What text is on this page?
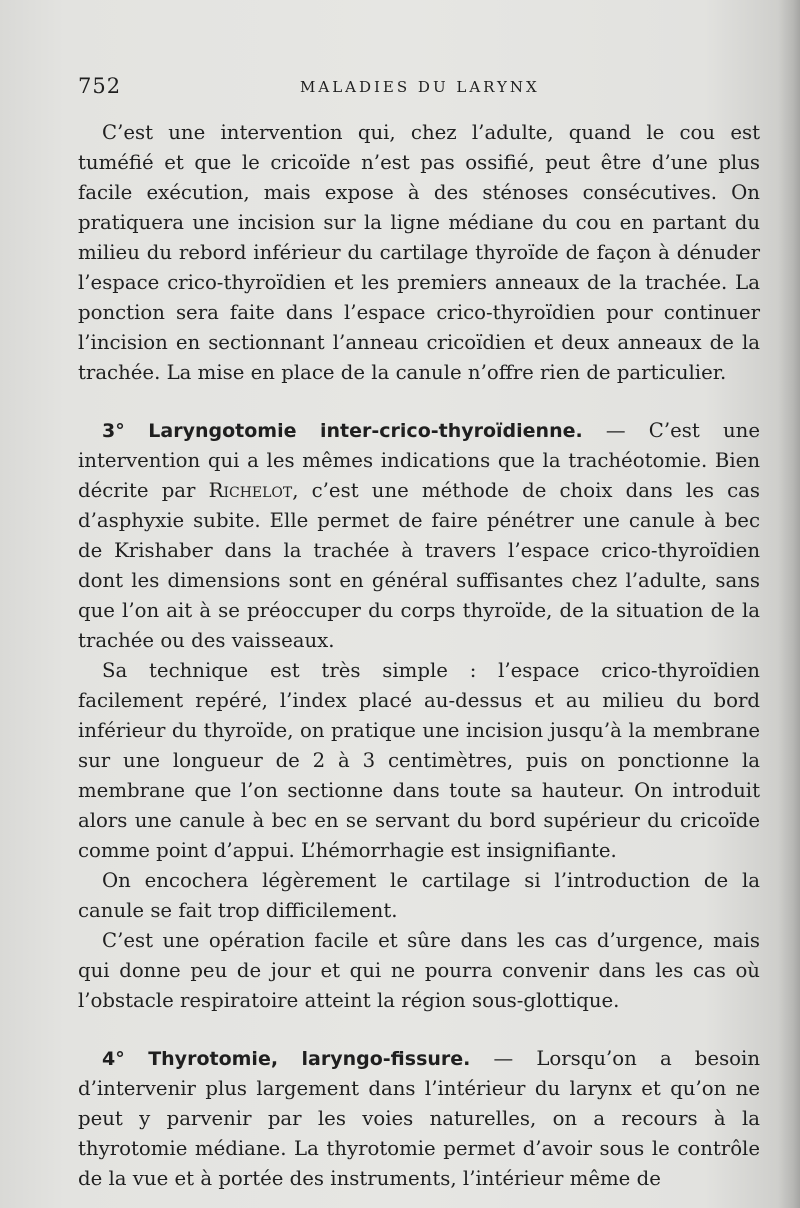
752	MALADIES DU LARYNX

C’est une intervention qui, chez l’adulte, quand le cou est tuméfié et que le cricoïde n’est pas ossifié, peut être d’une plus facile exécution, mais expose à des sténoses consécutives. On pratiquera une incision sur la ligne médiane du cou en partant du milieu du rebord inférieur du cartilage thyroïde de façon à dénuder l’espace crico-thyroïdien et les premiers anneaux de la trachée. La ponction sera faite dans l’espace crico-thyroïdien pour continuer l’incision en sectionnant l’anneau cricoïdien et deux anneaux de la trachée. La mise en place de la canule n’offre rien de particulier.

3° Laryngotomie inter-crico-thyroïdienne. — C’est une intervention qui a les mêmes indications que la trachéotomie. Bien décrite par Richelot, c’est une méthode de choix dans les cas d’asphyxie subite. Elle permet de faire pénétrer une canule à bec de Krishaber dans la trachée à travers l’espace crico-thyroïdien dont les dimensions sont en général suffisantes chez l’adulte, sans que l’on ait à se préoccuper du corps thyroïde, de la situation de la trachée ou des vaisseaux.

Sa technique est très simple : l’espace crico-thyroïdien facilement repéré, l’index placé au-dessus et au milieu du bord inférieur du thyroïde, on pratique une incision jusqu’à la membrane sur une longueur de 2 à 3 centimètres, puis on ponctionne la membrane que l’on sectionne dans toute sa hauteur. On introduit alors une canule à bec en se servant du bord supérieur du cricoïde comme point d’appui. L’hémorrhagie est insignifiante.

On encochera légèrement le cartilage si l’introduction de la canule se fait trop difficilement.

C’est une opération facile et sûre dans les cas d’urgence, mais qui donne peu de jour et qui ne pourra convenir dans les cas où l’obstacle respiratoire atteint la région sous-glottique.

4° Thyrotomie, laryngo-fissure. — Lorsqu’on a besoin d’intervenir plus largement dans l’intérieur du larynx et qu’on ne peut y parvenir par les voies naturelles, on a recours à la thyrotomie médiane. La thyrotomie permet d’avoir sous le contrôle de la vue et à portée des instruments, l’intérieur même de
